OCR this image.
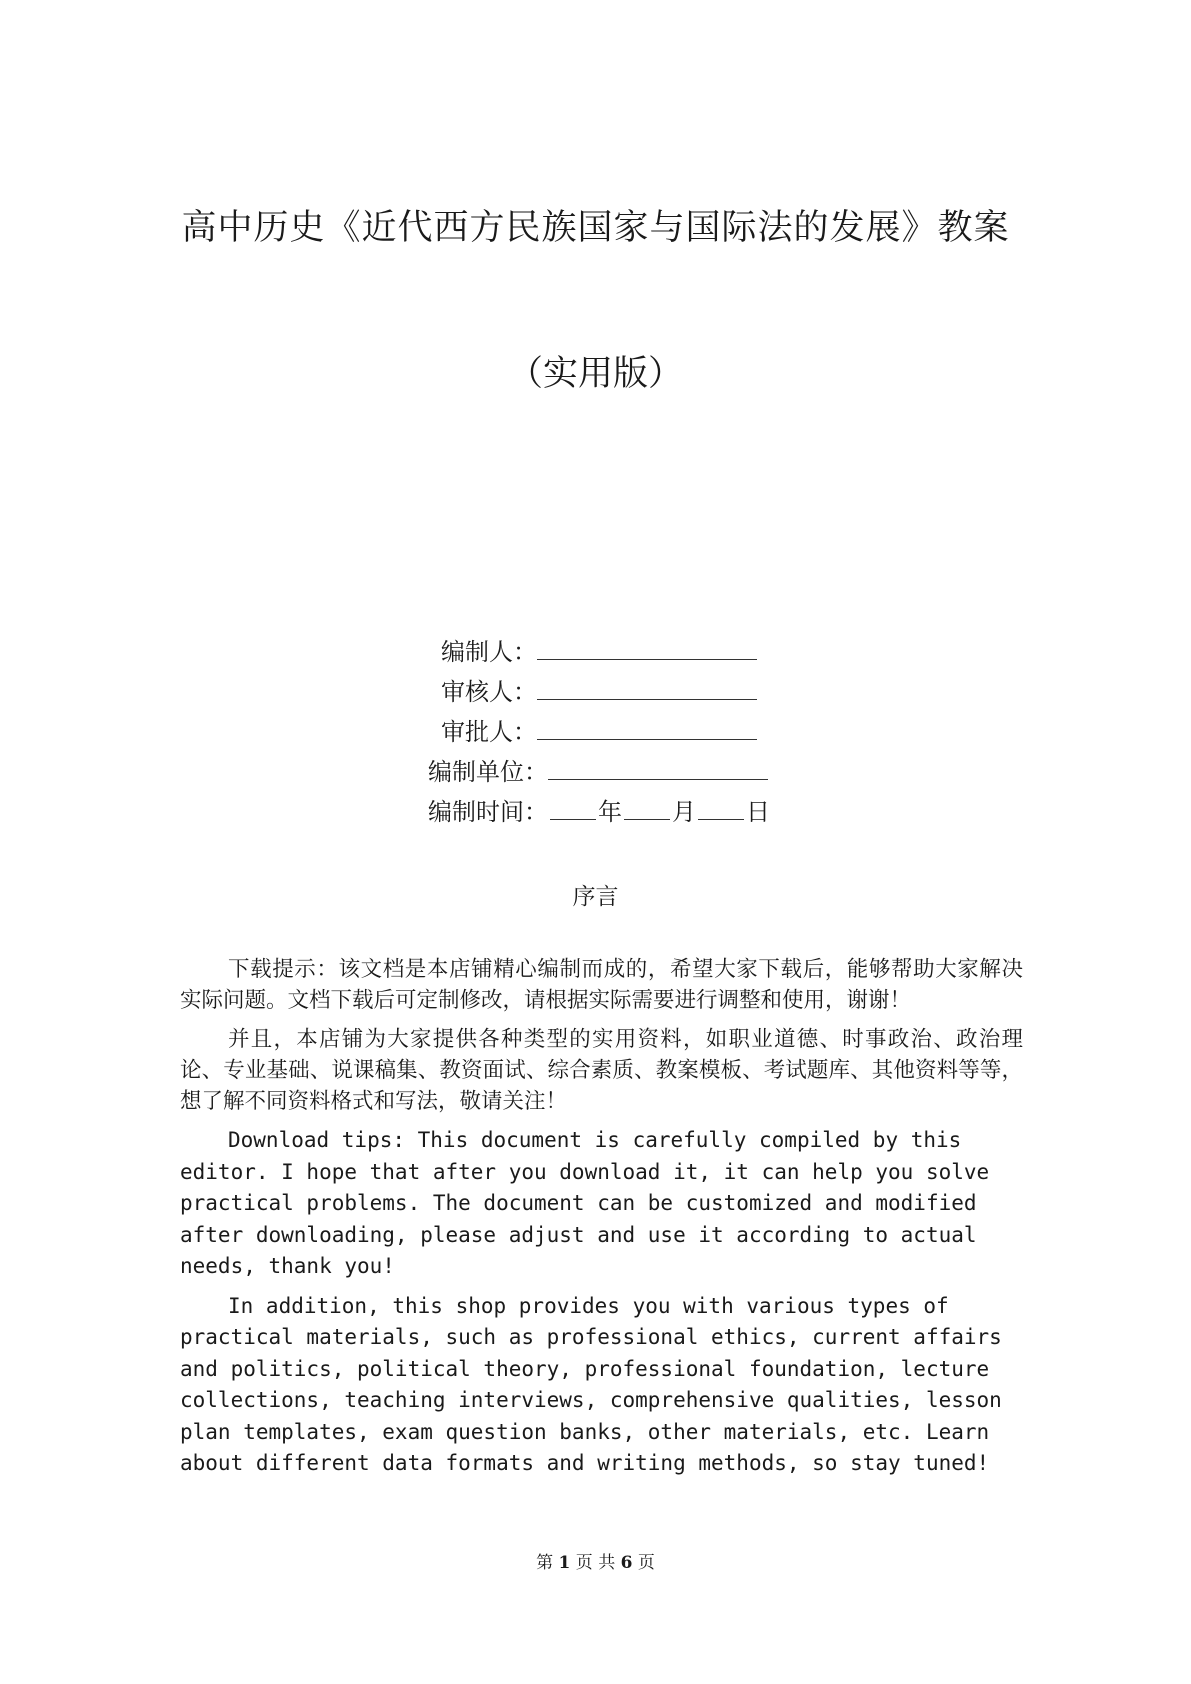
高中历史《近代西方民族国家与国际法的发展》教案
（实用版）
编制人：
审核人：
审批人：
编制单位：
编制时间： 年 月 日
序言

下载提示：该文档是本店铺精心编制而成的，希望大家下载后，能够帮助大家解决实际问题。文档下载后可定制修改，请根据实际需要进行调整和使用，谢谢！

并且，本店铺为大家提供各种类型的实用资料，如职业道德、时事政治、政治理论、专业基础、说课稿集、教资面试、综合素质、教案模板、考试题库、其他资料等等，想了解不同资料格式和写法，敬请关注！

Download tips: This document is carefully compiled by this editor. I hope that after you download it, it can help you solve practical problems. The document can be customized and modified after downloading, please adjust and use it according to actual needs, thank you!

In addition, this shop provides you with various types of practical materials, such as professional ethics, current affairs and politics, political theory, professional foundation, lecture collections, teaching interviews, comprehensive qualities, lesson plan templates, exam question banks, other materials, etc. Learn about different data formats and writing methods, so stay tuned!

第 1 页 共 6 页
